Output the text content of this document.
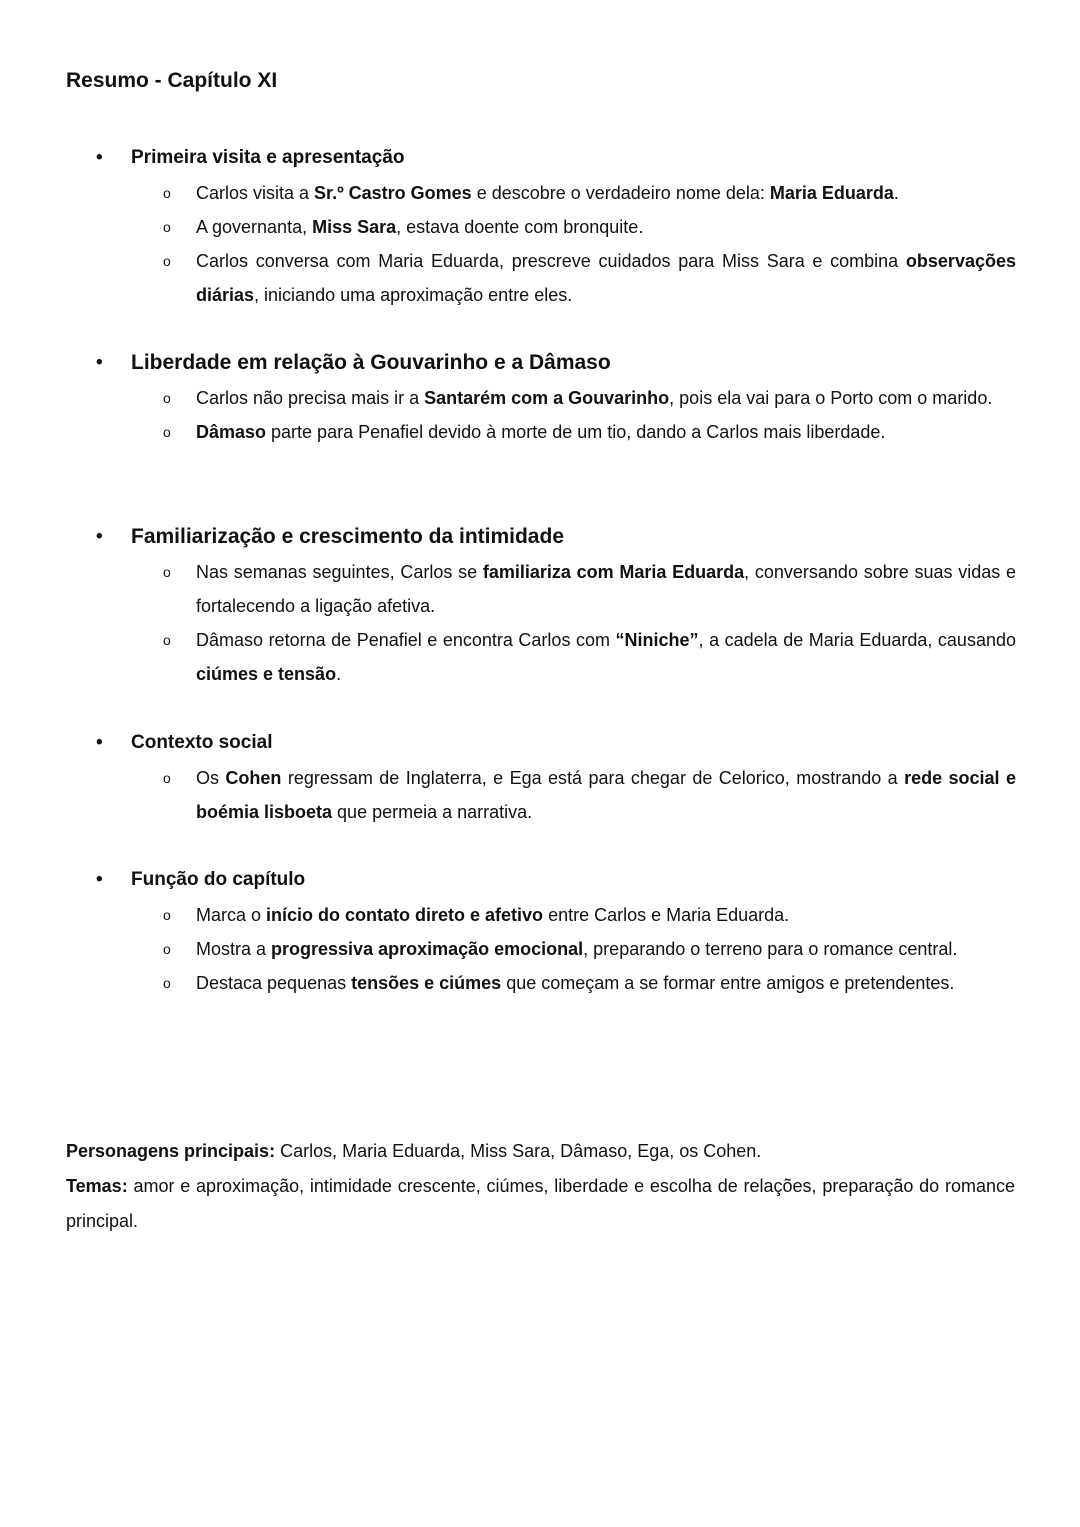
Resumo - Capítulo XI
• Primeira visita e apresentação
o Carlos visita a Sr.º Castro Gomes e descobre o verdadeiro nome dela: Maria Eduarda.
o A governanta, Miss Sara, estava doente com bronquite.
o Carlos conversa com Maria Eduarda, prescreve cuidados para Miss Sara e combina observações diárias, iniciando uma aproximação entre eles.
• Liberdade em relação à Gouvarinho e a Dâmaso
o Carlos não precisa mais ir a Santarém com a Gouvarinho, pois ela vai para o Porto com o marido.
o Dâmaso parte para Penafiel devido à morte de um tio, dando a Carlos mais liberdade.
• Familiarização e crescimento da intimidade
o Nas semanas seguintes, Carlos se familiariza com Maria Eduarda, conversando sobre suas vidas e fortalecendo a ligação afetiva.
o Dâmaso retorna de Penafiel e encontra Carlos com “Niniche”, a cadela de Maria Eduarda, causando ciúmes e tensão.
• Contexto social
o Os Cohen regressam de Inglaterra, e Ega está para chegar de Celorico, mostrando a rede social e boémia lisboeta que permeia a narrativa.
• Função do capítulo
o Marca o início do contato direto e afetivo entre Carlos e Maria Eduarda.
o Mostra a progressiva aproximação emocional, preparando o terreno para o romance central.
o Destaca pequenas tensões e ciúmes que começam a se formar entre amigos e pretendentes.

Personagens principais: Carlos, Maria Eduarda, Miss Sara, Dâmaso, Ega, os Cohen.

Temas: amor e aproximação, intimidade crescente, ciúmes, liberdade e escolha de relações, preparação do romance principal.
